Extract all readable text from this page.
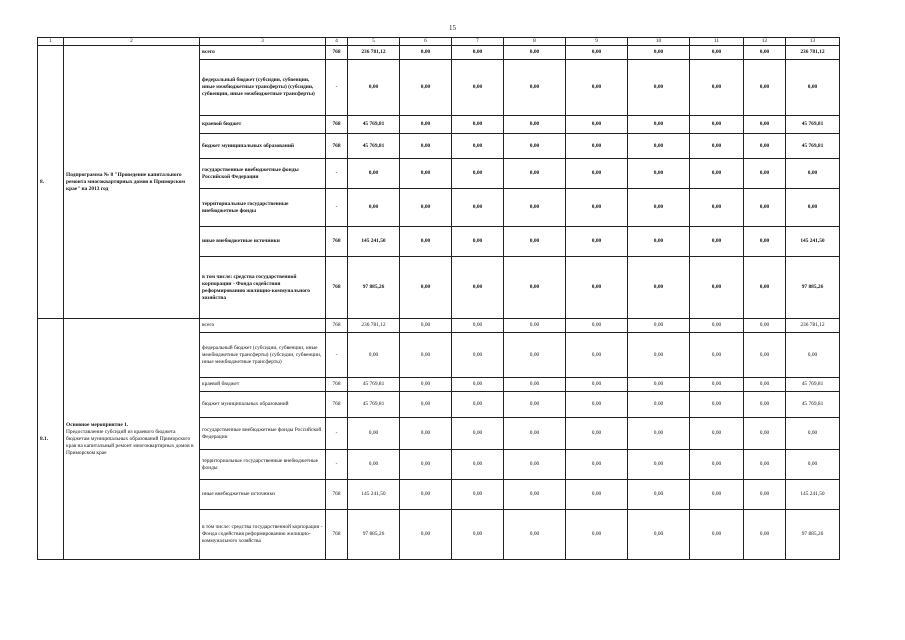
15
1	2	3	4	5	6	7	8	9	10	11	12	13
8.	Подпрограмма № 8 "Проведение капитального ремонта многоквартирных домов в Приморском крае" на 2013 год	всего	768	236 781,12	0,00	0,00	0,00	0,00	0,00	0,00	0,00	236 781,12
		федеральный бюджет (субсидии, субвенции, иные межбюджетные трансферты) (субсидии, субвенции, иные межбюджетные трансферты)	-	0,00	0,00	0,00	0,00	0,00	0,00	0,00	0,00	0,00
		краевой бюджет	768	45 769,81	0,00	0,00	0,00	0,00	0,00	0,00	0,00	45 769,81
		бюджет муниципальных образований	768	45 769,81	0,00	0,00	0,00	0,00	0,00	0,00	0,00	45 769,81
		государственные внебюджетные фонды Российской Федерации	-	0,00	0,00	0,00	0,00	0,00	0,00	0,00	0,00	0,00
		территориальные государственные внебюджетные фонды	-	0,00	0,00	0,00	0,00	0,00	0,00	0,00	0,00	0,00
		иные внебюджетные источники	768	145 241,50	0,00	0,00	0,00	0,00	0,00	0,00	0,00	145 241,50
		в том числе: средства государственной корпорации - Фонда содействия реформированию жилищно-коммунального хозяйства	768	97 885,26	0,00	0,00	0,00	0,00	0,00	0,00	0,00	97 885,26
8.1.	Основное мероприятие 1.
Предоставление субсидий из краевого бюджета бюджетам муниципальных образований Приморского края на капитальный ремонт многоквартирных домов в Приморском крае	всего	768	236 781,12	0,00	0,00	0,00	0,00	0,00	0,00	0,00	236 781,12
		федеральный бюджет (субсидии, субвенции, иные межбюджетные трансферты) (субсидии, субвенции, иные межбюджетные трансферты)	-	0,00	0,00	0,00	0,00	0,00	0,00	0,00	0,00	0,00
		краевой бюджет	768	45 769,81	0,00	0,00	0,00	0,00	0,00	0,00	0,00	45 769,81
		бюджет муниципальных образований	768	45 769,81	0,00	0,00	0,00	0,00	0,00	0,00	0,00	45 769,81
		государственные внебюджетные фонды Российской Федерации	-	0,00	0,00	0,00	0,00	0,00	0,00	0,00	0,00	0,00
		территориальные государственные внебюджетные фонды	-	0,00	0,00	0,00	0,00	0,00	0,00	0,00	0,00	0,00
		иные внебюджетные источники	768	145 241,50	0,00	0,00	0,00	0,00	0,00	0,00	0,00	145 241,50
		в том числе: средства государственной корпорации - Фонда содействия реформированию жилищно-коммунального хозяйства	768	97 885,26	0,00	0,00	0,00	0,00	0,00	0,00	0,00	97 885,26
